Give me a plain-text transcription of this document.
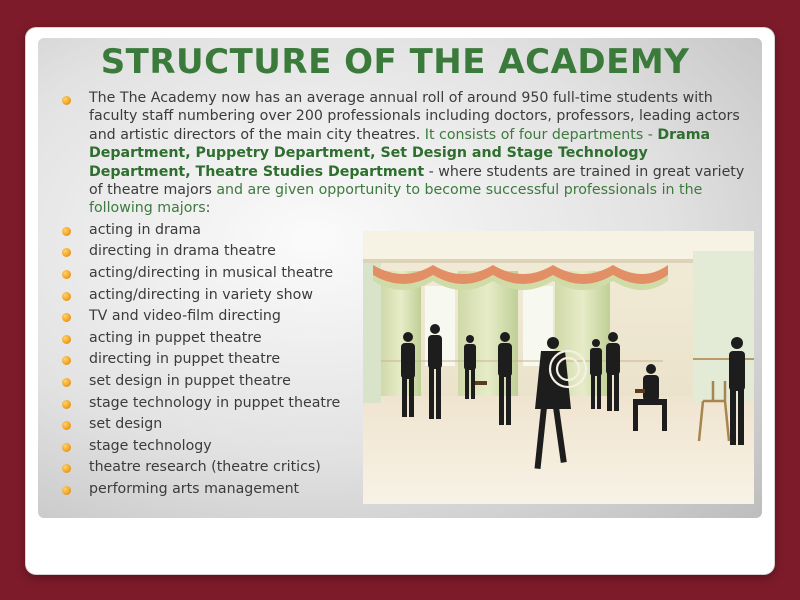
STRUCTURE OF THE ACADEMY
The The Academy now has an average annual roll of around 950 full-time students with faculty staff numbering over 200 professionals including doctors, professors, leading actors and artistic directors of the main city theatres. It consists of four departments - Drama Department, Puppetry Department, Set Design and Stage Technology Department, Theatre Studies Department - where students are trained in great variety of theatre majors and are given opportunity to become successful professionals in the following majors:
acting in drama
directing in drama theatre
acting/directing in musical theatre
acting/directing in variety show
TV and video-film directing
acting in puppet theatre
directing in puppet theatre
set design in puppet theatre
stage technology in puppet theatre
set design
stage technology
theatre research (theatre critics)
performing arts management
